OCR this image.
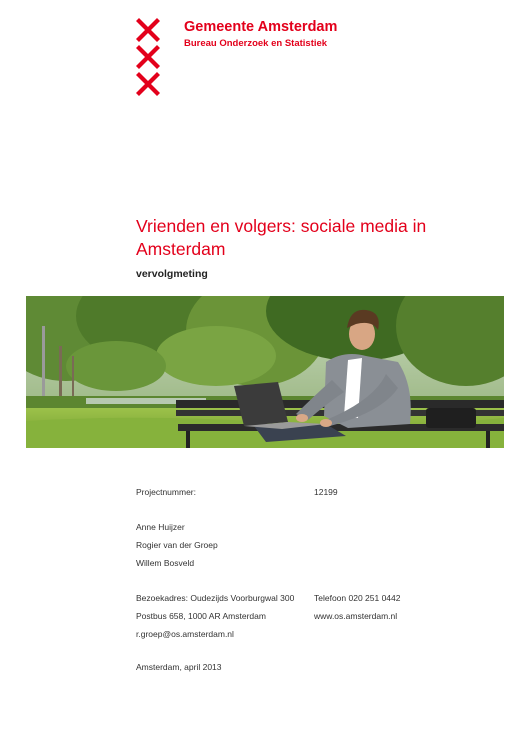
Gemeente Amsterdam
Bureau Onderzoek en Statistiek
Vrienden en volgers: sociale media in Amsterdam
vervolgmeting
Projectnummer:	12199
Anne Huijzer
Rogier van der Groep
Willem Bosveld
Bezoekadres: Oudezijds Voorburgwal 300 Telefoon 020 251 0442
Postbus 658, 1000 AR Amsterdam	www.os.amsterdam.nl
r.groep@os.amsterdam.nl
Amsterdam, april 2013
